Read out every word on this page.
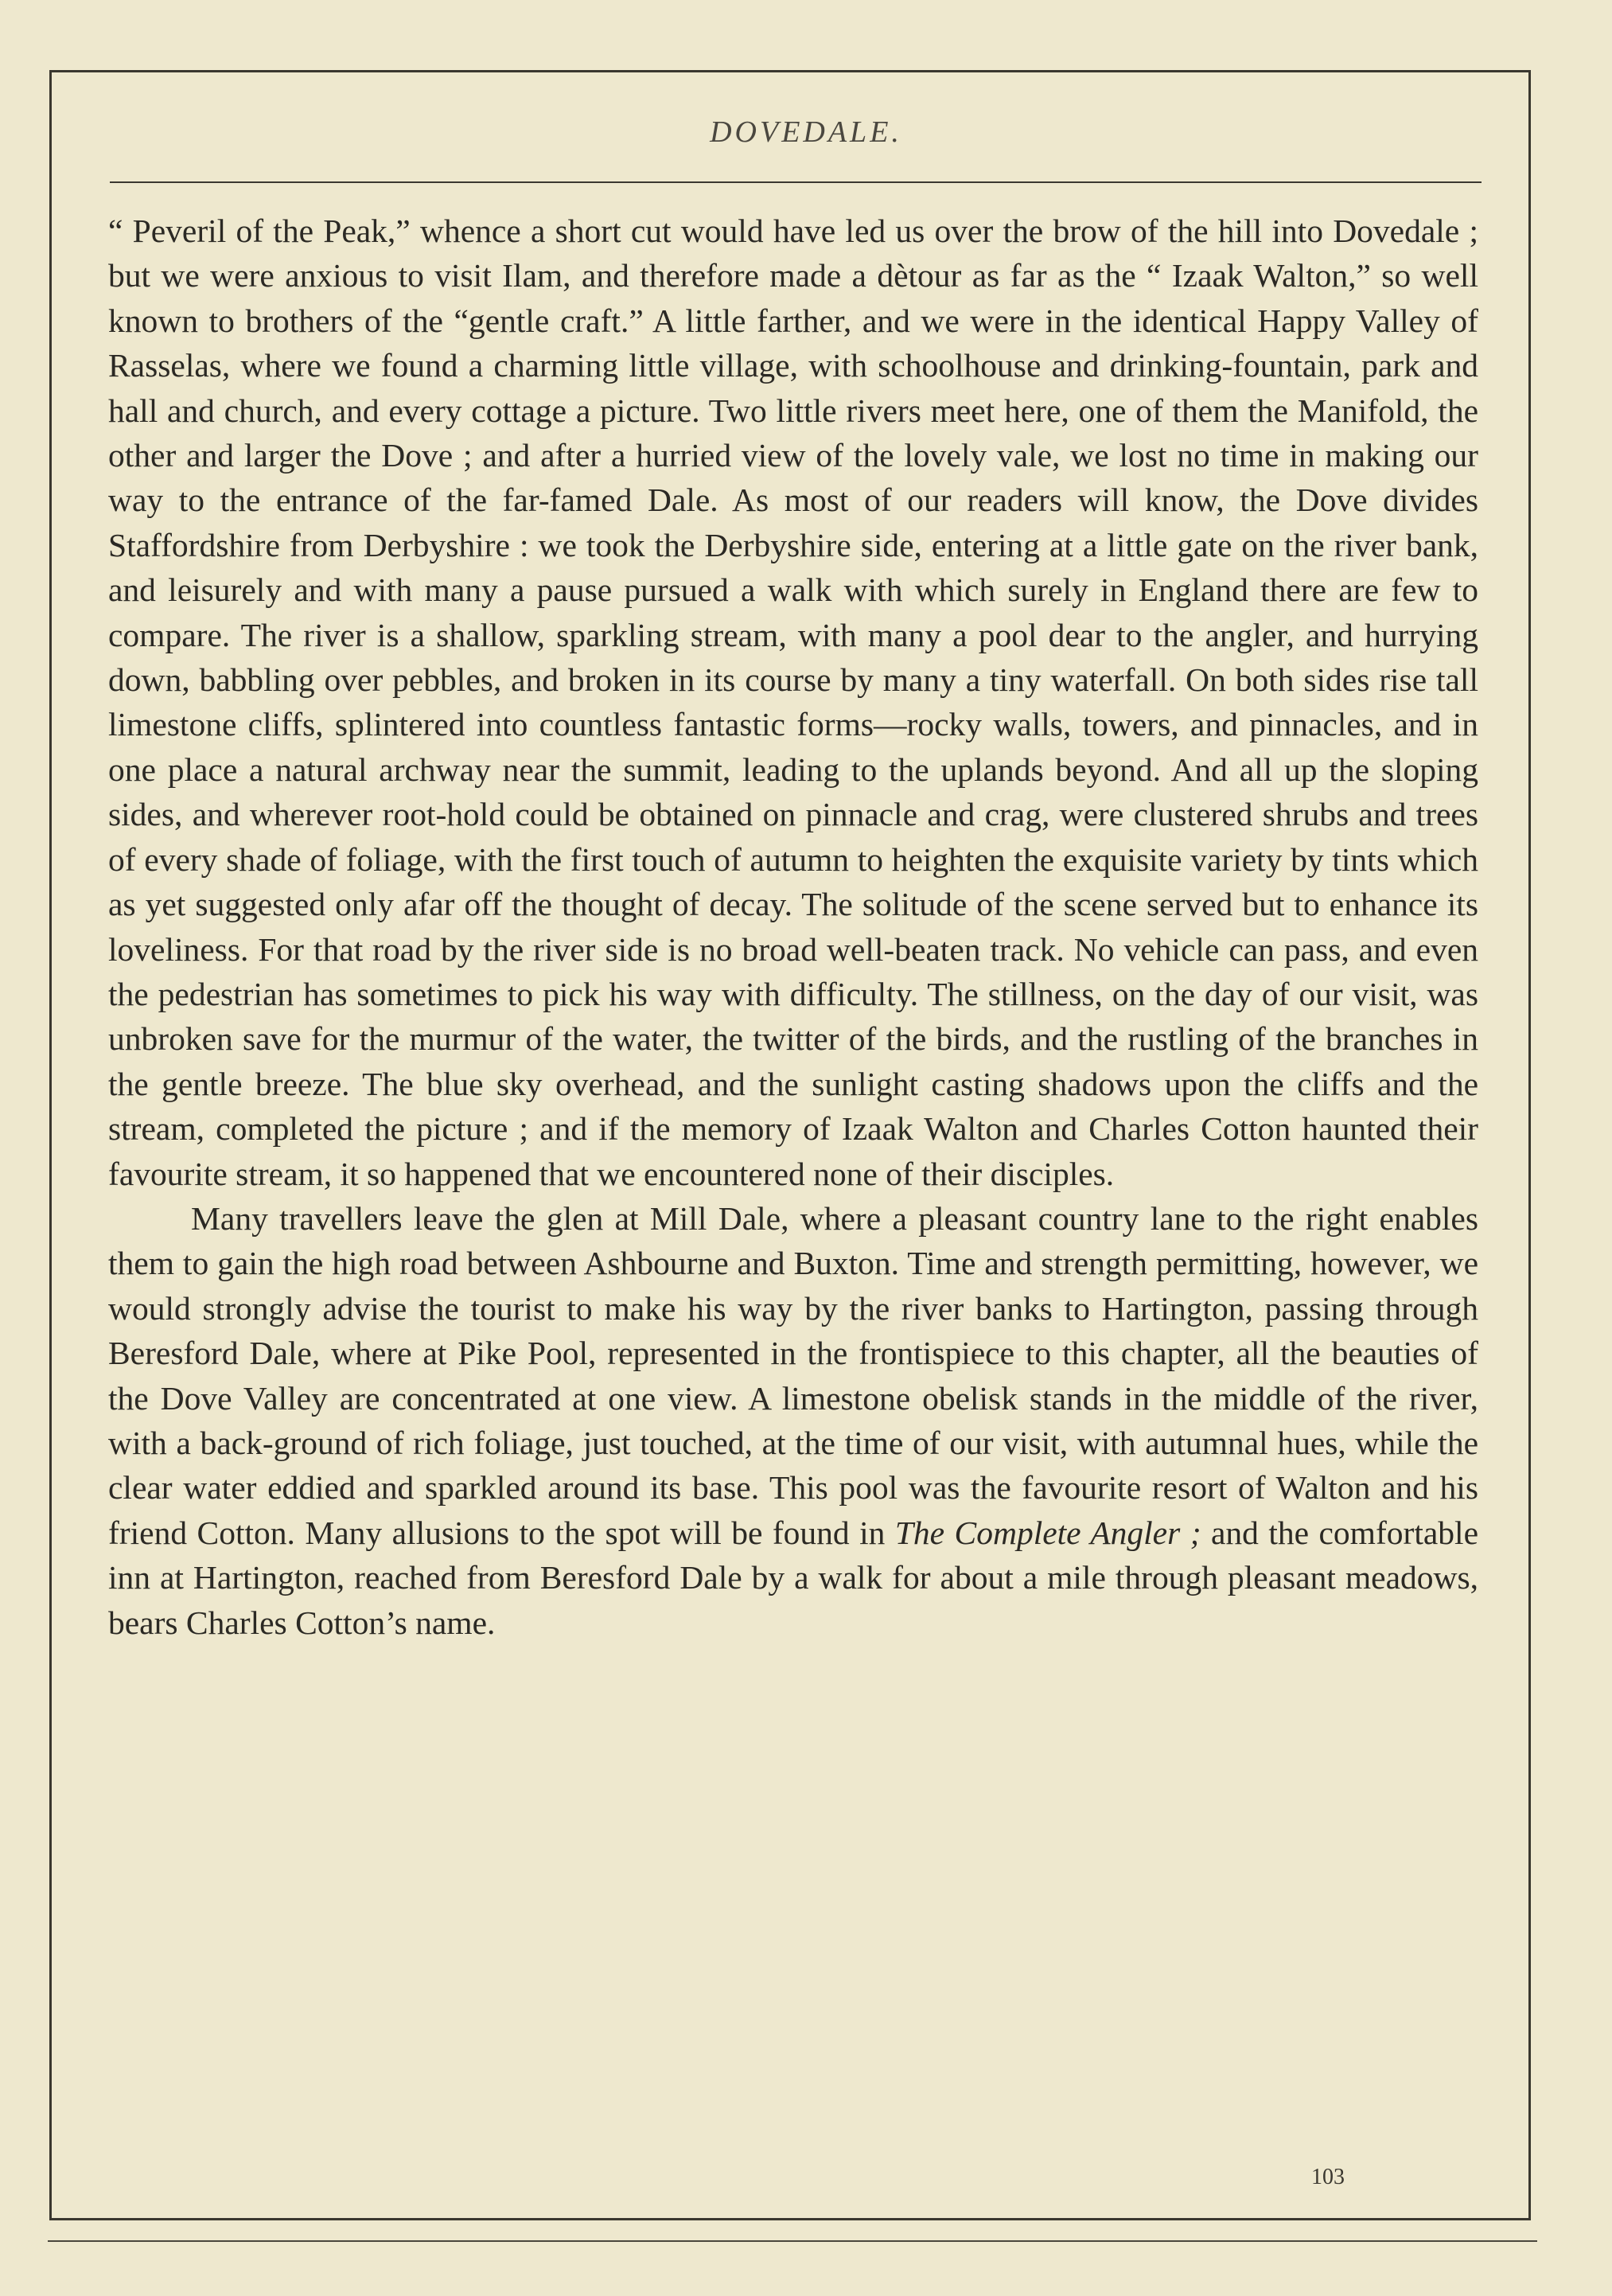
DOVEDALE.

“ Peveril of the Peak,” whence a short cut would have led us over the brow of the hill into Dovedale ; but we were anxious to visit Ilam, and therefore made a dètour as far as the “ Izaak Walton,” so well known to brothers of the “gentle craft.” A little farther, and we were in the identical Happy Valley of Rasselas, where we found a charming little village, with schoolhouse and drinking-fountain, park and hall and church, and every cottage a picture. Two little rivers meet here, one of them the Manifold, the other and larger the Dove ; and after a hurried view of the lovely vale, we lost no time in making our way to the entrance of the far-famed Dale. As most of our readers will know, the Dove divides Staffordshire from Derbyshire : we took the Derbyshire side, entering at a little gate on the river bank, and leisurely and with many a pause pursued a walk with which surely in England there are few to compare. The river is a shallow, sparkling stream, with many a pool dear to the angler, and hurrying down, babbling over pebbles, and broken in its course by many a tiny waterfall. On both sides rise tall limestone cliffs, splintered into countless fantastic forms—rocky walls, towers, and pinnacles, and in one place a natural archway near the summit, leading to the uplands beyond. And all up the sloping sides, and wherever root-hold could be obtained on pinnacle and crag, were clustered shrubs and trees of every shade of foliage, with the first touch of autumn to heighten the exquisite variety by tints which as yet suggested only afar off the thought of decay. The solitude of the scene served but to enhance its loveliness. For that road by the river side is no broad well-beaten track. No vehicle can pass, and even the pedestrian has sometimes to pick his way with difficulty. The stillness, on the day of our visit, was unbroken save for the murmur of the water, the twitter of the birds, and the rustling of the branches in the gentle breeze. The blue sky overhead, and the sunlight casting shadows upon the cliffs and the stream, completed the picture ; and if the memory of Izaak Walton and Charles Cotton haunted their favourite stream, it so happened that we encountered none of their disciples.

Many travellers leave the glen at Mill Dale, where a pleasant country lane to the right enables them to gain the high road between Ashbourne and Buxton. Time and strength permitting, however, we would strongly advise the tourist to make his way by the river banks to Hartington, passing through Beresford Dale, where at Pike Pool, represented in the frontispiece to this chapter, all the beauties of the Dove Valley are concentrated at one view. A limestone obelisk stands in the middle of the river, with a back-ground of rich foliage, just touched, at the time of our visit, with autumnal hues, while the clear water eddied and sparkled around its base. This pool was the favourite resort of Walton and his friend Cotton. Many allusions to the spot will be found in The Complete Angler ; and the comfortable inn at Hartington, reached from Beresford Dale by a walk for about a mile through pleasant meadows, bears Charles Cotton’s name.

103
